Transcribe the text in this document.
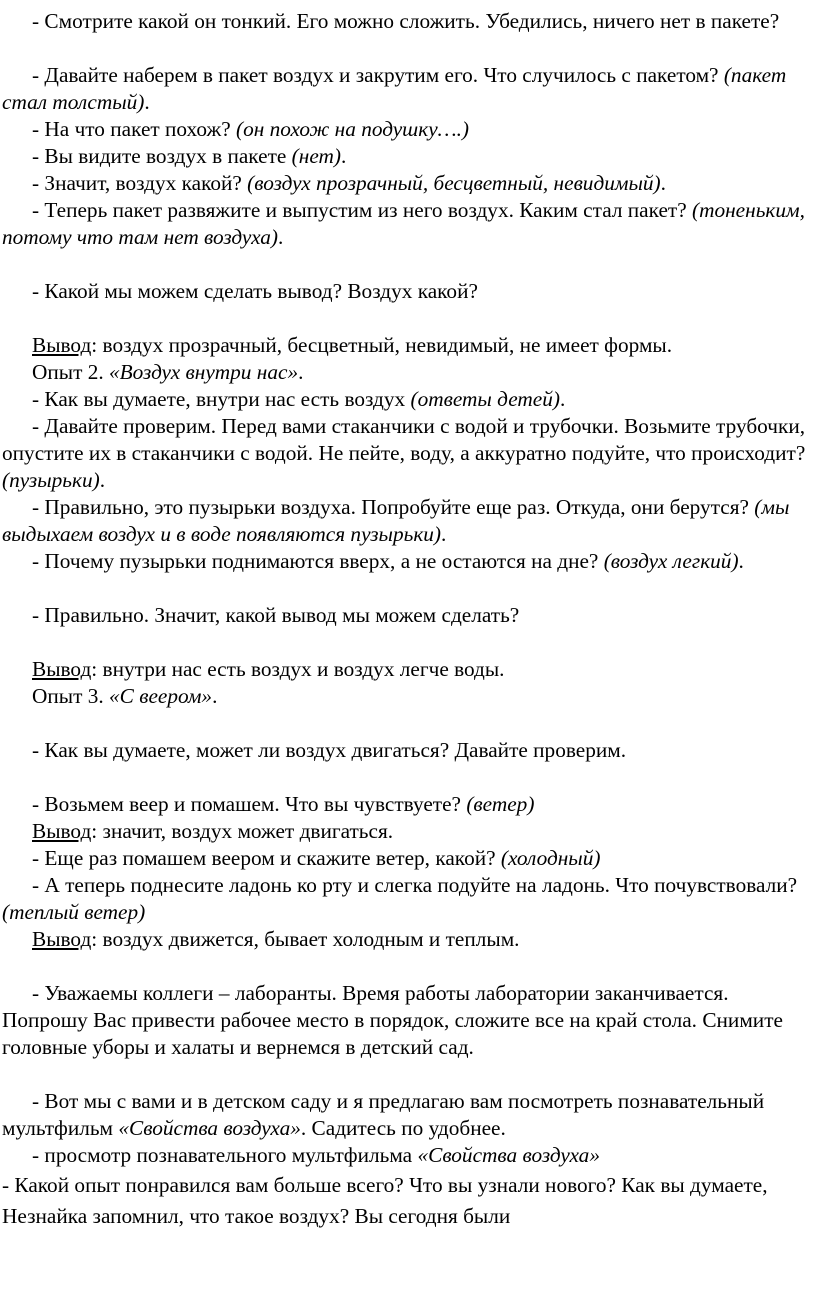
- Смотрите какой он тонкий. Его можно сложить. Убедились, ничего нет в пакете?

- Давайте наберем в пакет воздух и закрутим его. Что случилось с пакетом? (пакет стал толстый).

- На что пакет похож? (он похож на подушку….)

- Вы видите воздух в пакете (нет).

- Значит, воздух какой? (воздух прозрачный, бесцветный, невидимый).

- Теперь пакет развяжите и выпустим из него воздух. Каким стал пакет? (тоненьким, потому что там нет воздуха).

- Какой мы можем сделать вывод? Воздух какой?

Вывод: воздух прозрачный, бесцветный, невидимый, не имеет формы.

Опыт 2. «Воздух внутри нас».

- Как вы думаете, внутри нас есть воздух (ответы детей).

- Давайте проверим. Перед вами стаканчики с водой и трубочки. Возьмите трубочки, опустите их в стаканчики с водой. Не пейте, воду, а аккуратно подуйте, что происходит? (пузырьки).

- Правильно, это пузырьки воздуха. Попробуйте еще раз. Откуда, они берутся? (мы выдыхаем воздух и в воде появляются пузырьки).

- Почему пузырьки поднимаются вверх, а не остаются на дне? (воздух легкий).

- Правильно. Значит, какой вывод мы можем сделать?

Вывод: внутри нас есть воздух и воздух легче воды.

Опыт 3. «С веером».

- Как вы думаете, может ли воздух двигаться? Давайте проверим.

- Возьмем веер и помашем. Что вы чувствуете? (ветер)

Вывод: значит, воздух может двигаться.

- Еще раз помашем веером и скажите ветер, какой? (холодный)

- А теперь поднесите ладонь ко рту и слегка подуйте на ладонь. Что почувствовали? (теплый ветер)

Вывод: воздух движется, бывает холодным и теплым.

- Уважаемы коллеги – лаборанты. Время работы лаборатории заканчивается. Попрошу Вас привести рабочее место в порядок, сложите все на край стола. Снимите головные уборы и халаты и вернемся в детский сад.

- Вот мы с вами и в детском саду и я предлагаю вам посмотреть познавательный мультфильм «Свойства воздуха». Садитесь по удобнее.

- просмотр познавательного мультфильма «Свойства воздуха»

- Какой опыт понравился вам больше всего? Что вы узнали нового? Как вы думаете, Незнайка запомнил, что такое воздух? Вы сегодня были
